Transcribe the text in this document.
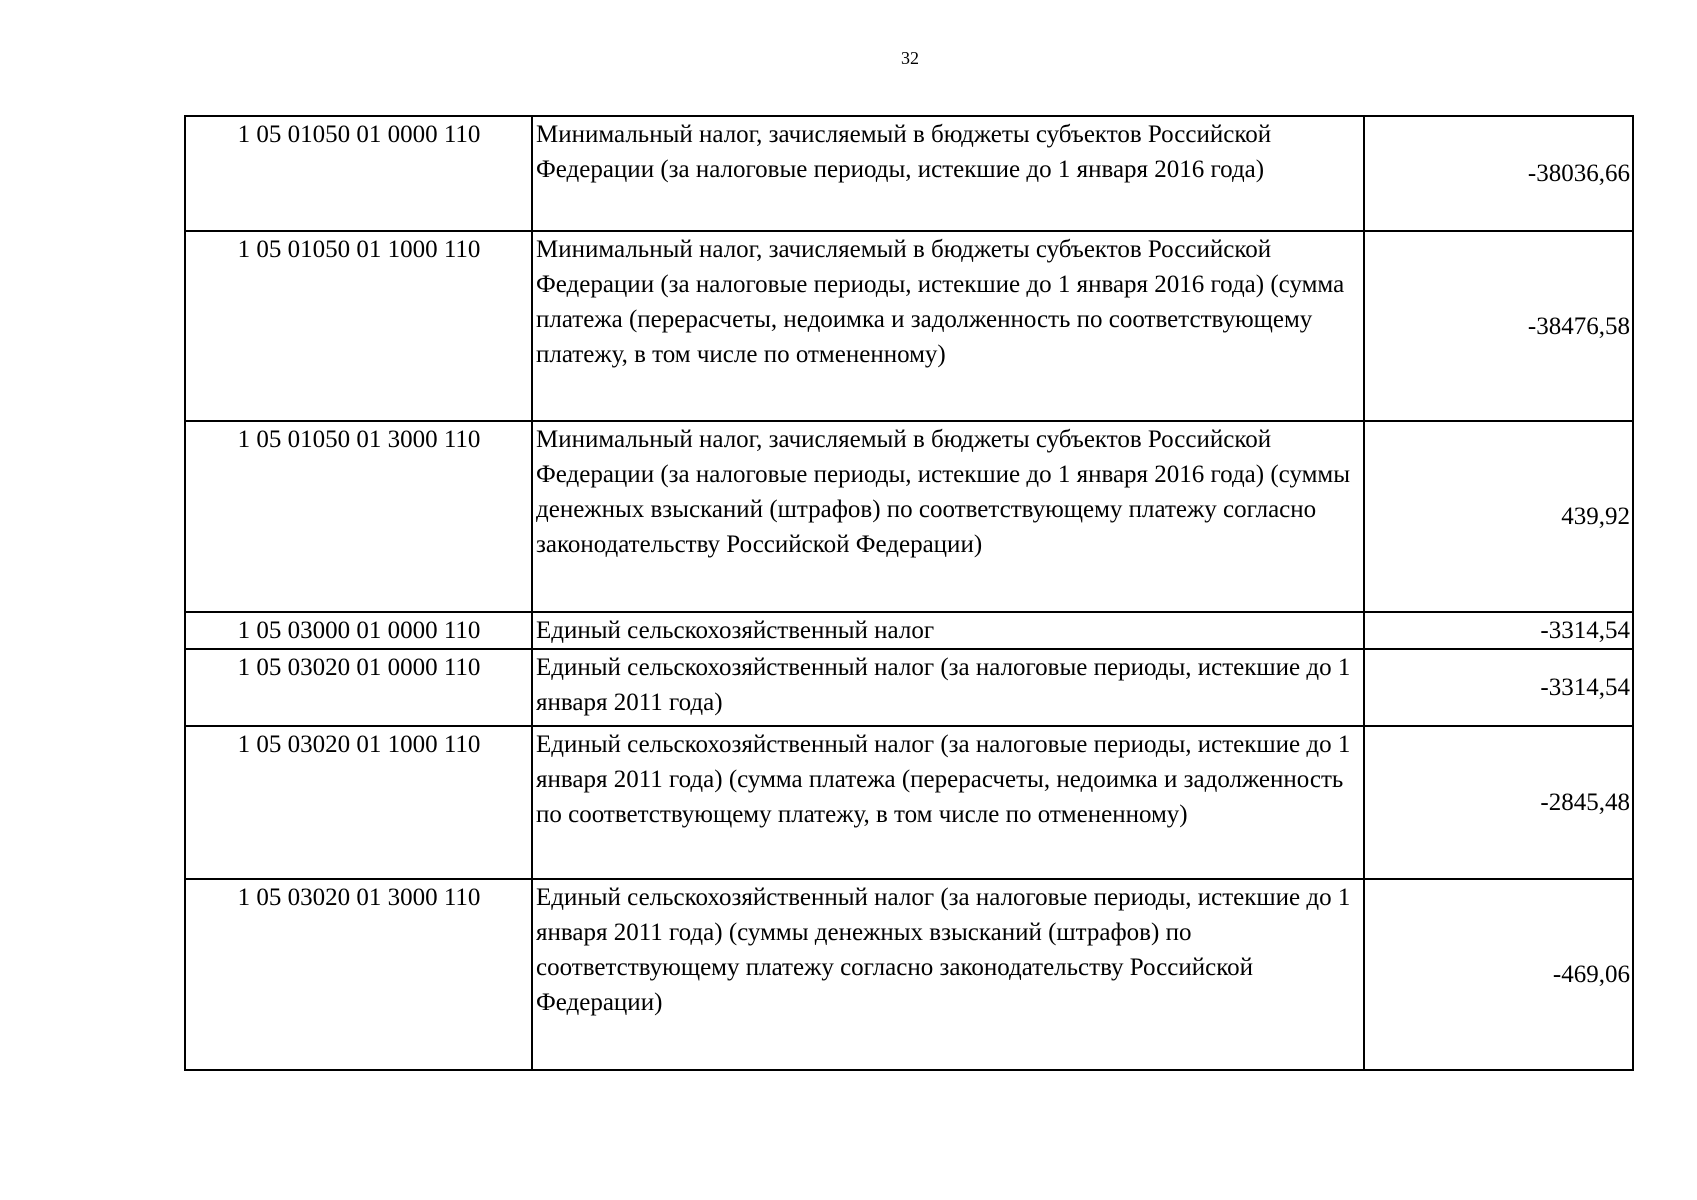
32
1 05 01050 01 0000 110	Минимальный налог, зачисляемый в бюджеты субъектов Российской Федерации (за налоговые периоды, истекшие до 1 января 2016 года)	-38036,66
1 05 01050 01 1000 110	Минимальный налог, зачисляемый в бюджеты субъектов Российской Федерации (за налоговые периоды, истекшие до 1 января 2016 года) (сумма платежа (перерасчеты, недоимка и задолженность по соответствующему платежу, в том числе по отмененному)	-38476,58
1 05 01050 01 3000 110	Минимальный налог, зачисляемый в бюджеты субъектов Российской Федерации (за налоговые периоды, истекшие до 1 января 2016 года) (суммы денежных взысканий (штрафов) по соответствующему платежу согласно законодательству Российской Федерации)	439,92
1 05 03000 01 0000 110	Единый сельскохозяйственный налог	-3314,54
1 05 03020 01 0000 110	Единый сельскохозяйственный налог (за налоговые периоды, истекшие до 1 января 2011 года)	-3314,54
1 05 03020 01 1000 110	Единый сельскохозяйственный налог (за налоговые периоды, истекшие до 1 января 2011 года) (сумма платежа (перерасчеты, недоимка и задолженность по соответствующему платежу, в том числе по отмененному)	-2845,48
1 05 03020 01 3000 110	Единый сельскохозяйственный налог (за налоговые периоды, истекшие до 1 января 2011 года) (суммы денежных взысканий (штрафов) по соответствующему платежу согласно законодательству Российской Федерации)	-469,06
